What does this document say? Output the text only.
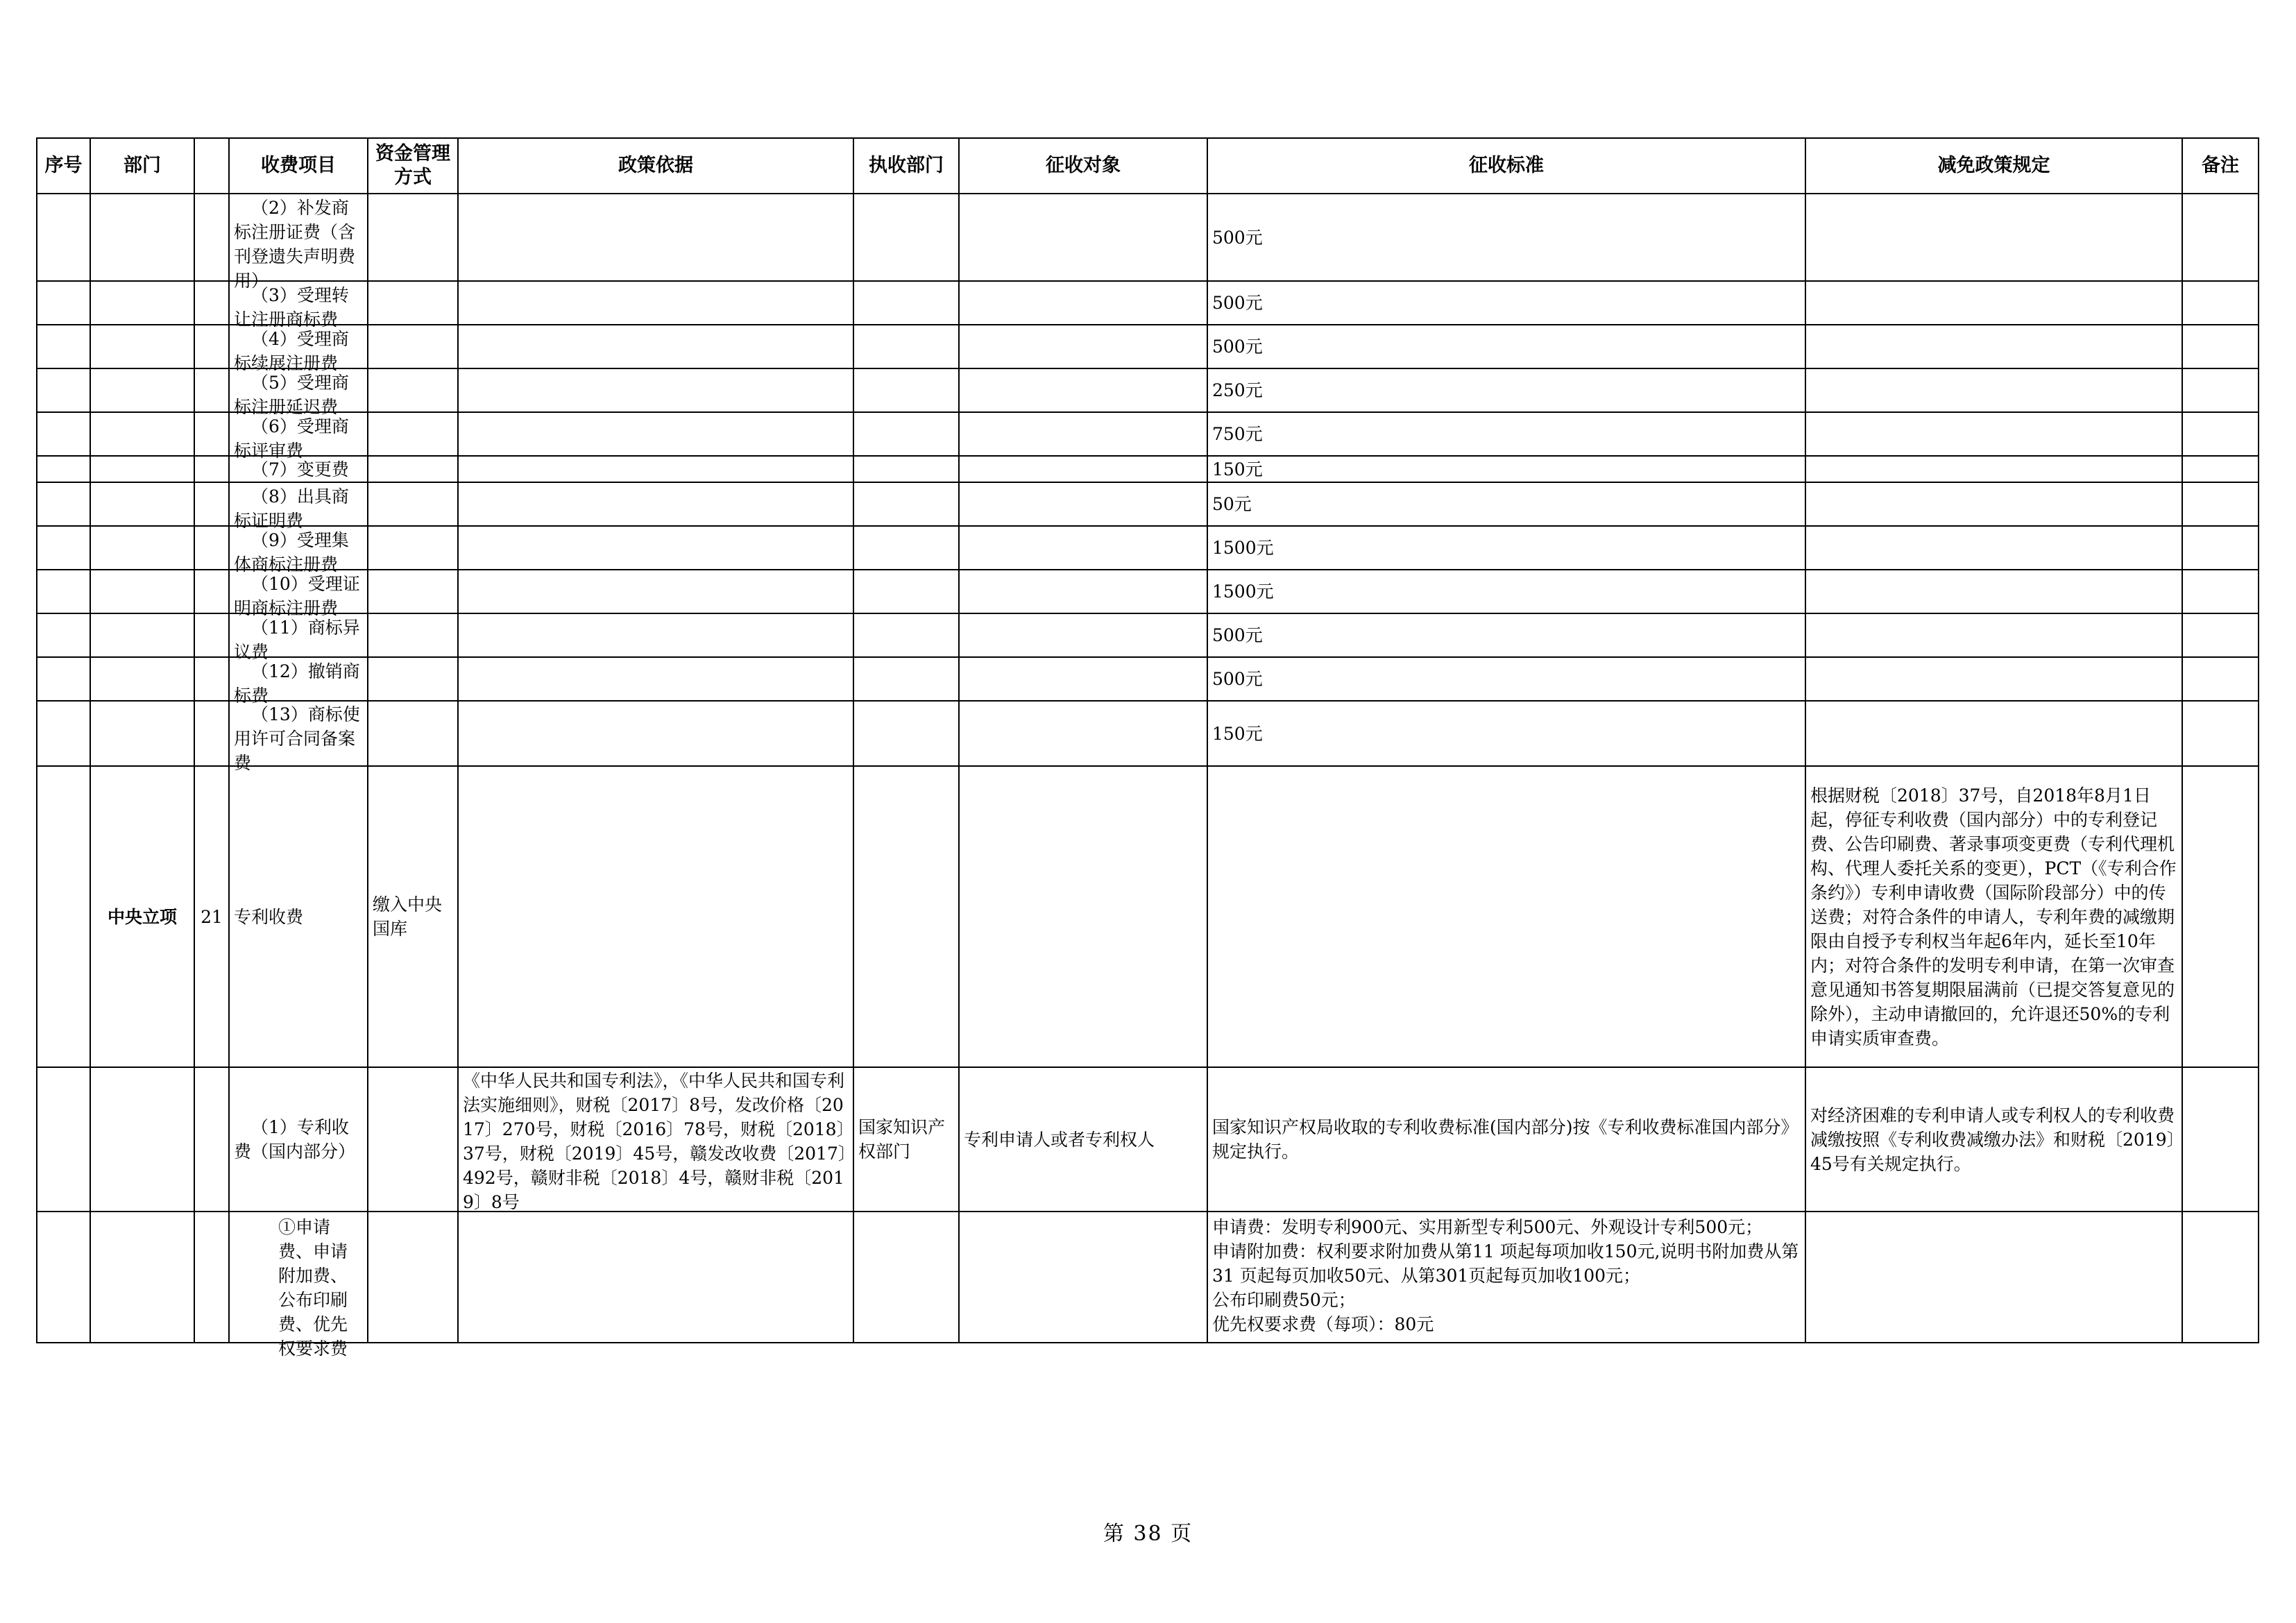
序号	部门		收费项目	资金管理方式	政策依据	执收部门	征收对象	征收标准	减免政策规定	备注

			（2）补发商标注册证费（含刊登遗失声明费用）					500元		

			（3）受理转让注册商标费					500元		

			（4）受理商标续展注册费					500元		

			（5）受理商标注册延迟费					250元		

			（6）受理商标评审费					750元		

			（7）变更费					150元		

			（8）出具商标证明费					50元		

			（9）受理集体商标注册费					1500元		

			（10）受理证明商标注册费					1500元		

			（11）商标异议费					500元		

			（12）撤销商标费					500元		

			（13）商标使用许可合同备案费					150元		
	中央立项	21	专利收费	缴入中央国库					根据财税〔2018〕37号，自2018年8月1日起，停征专利收费（国内部分）中的专利登记费、公告印刷费、著录事项变更费（专利代理机构、代理人委托关系的变更），PCT（《专利合作条约》）专利申请收费（国际阶段部分）中的传送费；对符合条件的申请人，专利年费的减缴期限由自授予专利权当年起6年内，延长至10年内；对符合条件的发明专利申请，在第一次审查意见通知书答复期限届满前（已提交答复意见的除外），主动申请撤回的，允许退还50%的专利申请实质审查费。	
			（1）专利收费（国内部分）		《中华人民共和国专利法》，《中华人民共和国专利法实施细则》，财税〔2017〕8号，发改价格〔2017〕270号，财税〔2016〕78号，财税〔2018〕37号，财税〔2019〕45号，赣发改收费〔2017〕492号，赣财非税〔2018〕4号，赣财非税〔2019〕8号	国家知识产权部门	专利申请人或者专利权人	国家知识产权局收取的专利收费标准(国内部分)按《专利收费标准国内部分》规定执行。	对经济困难的专利申请人或专利权人的专利收费减缴按照《专利收费减缴办法》和财税〔2019〕45号有关规定执行。	

			①申请费、申请附加费、公布印刷费、优先权要求费					申请费：发明专利900元、实用新型专利500元、外观设计专利500元；
申请附加费：权利要求附加费从第11 项起每项加收150元,说明书附加费从第31 页起每页加收50元、从第301页起每页加收100元；
公布印刷费50元；
优先权要求费（每项）：80元		

第 38 页
